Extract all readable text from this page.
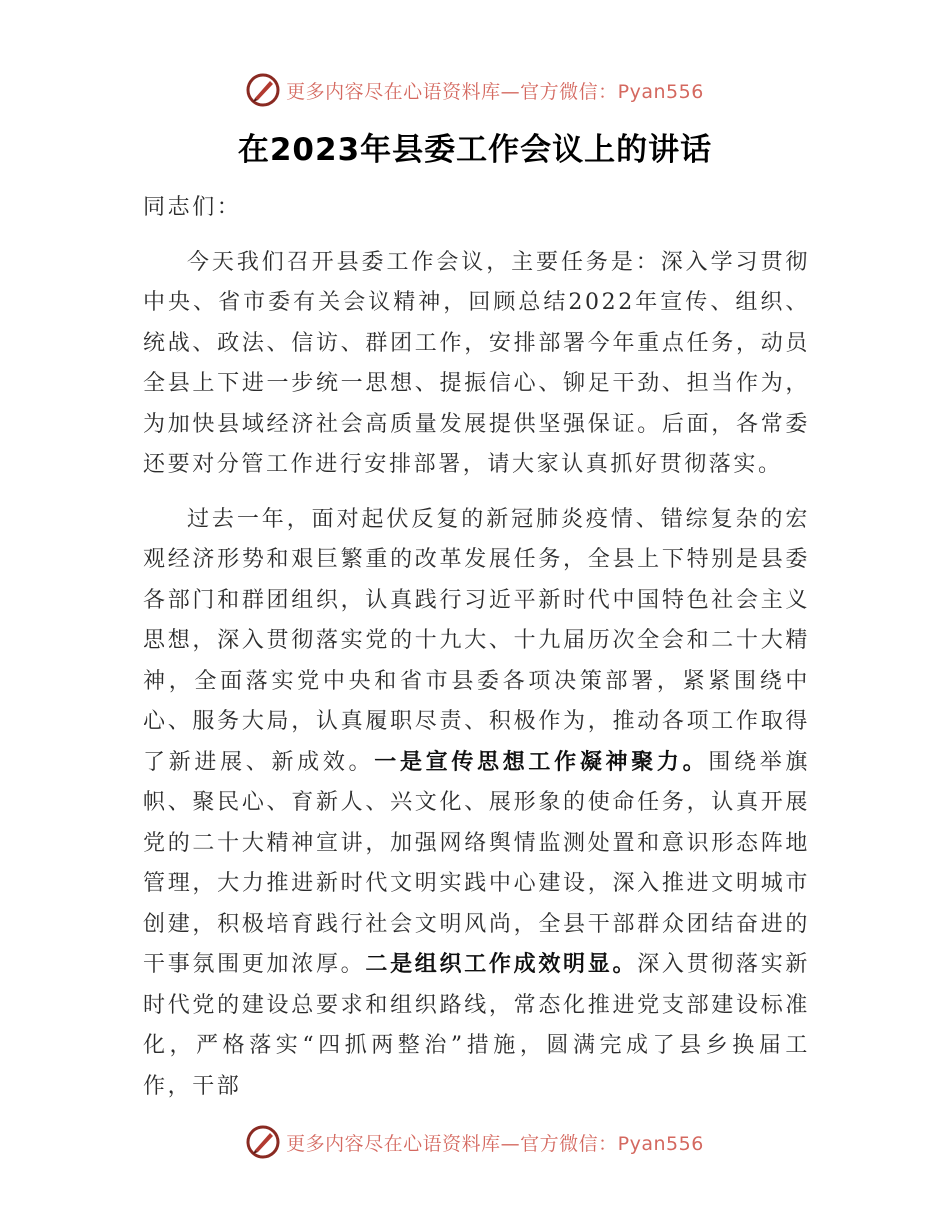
更多内容尽在心语资料库—官方微信：Pyan556
在2023年县委工作会议上的讲话

同志们：

今天我们召开县委工作会议，主要任务是：深入学习贯彻中央、省市委有关会议精神，回顾总结2022年宣传、组织、统战、政法、信访、群团工作，安排部署今年重点任务，动员全县上下进一步统一思想、提振信心、铆足干劲、担当作为，为加快县域经济社会高质量发展提供坚强保证。后面，各常委还要对分管工作进行安排部署，请大家认真抓好贯彻落实。

过去一年，面对起伏反复的新冠肺炎疫情、错综复杂的宏观经济形势和艰巨繁重的改革发展任务，全县上下特别是县委各部门和群团组织，认真践行习近平新时代中国特色社会主义思想，深入贯彻落实党的十九大、十九届历次全会和二十大精神，全面落实党中央和省市县委各项决策部署，紧紧围绕中心、服务大局，认真履职尽责、积极作为，推动各项工作取得了新进展、新成效。一是宣传思想工作凝神聚力。围绕举旗帜、聚民心、育新人、兴文化、展形象的使命任务，认真开展党的二十大精神宣讲，加强网络舆情监测处置和意识形态阵地管理，大力推进新时代文明实践中心建设，深入推进文明城市创建，积极培育践行社会文明风尚，全县干部群众团结奋进的干事氛围更加浓厚。二是组织工作成效明显。深入贯彻落实新时代党的建设总要求和组织路线，常态化推进党支部建设标准化，严格落实“四抓两整治”措施，圆满完成了县乡换届工作，干部

更多内容尽在心语资料库—官方微信：Pyan556
